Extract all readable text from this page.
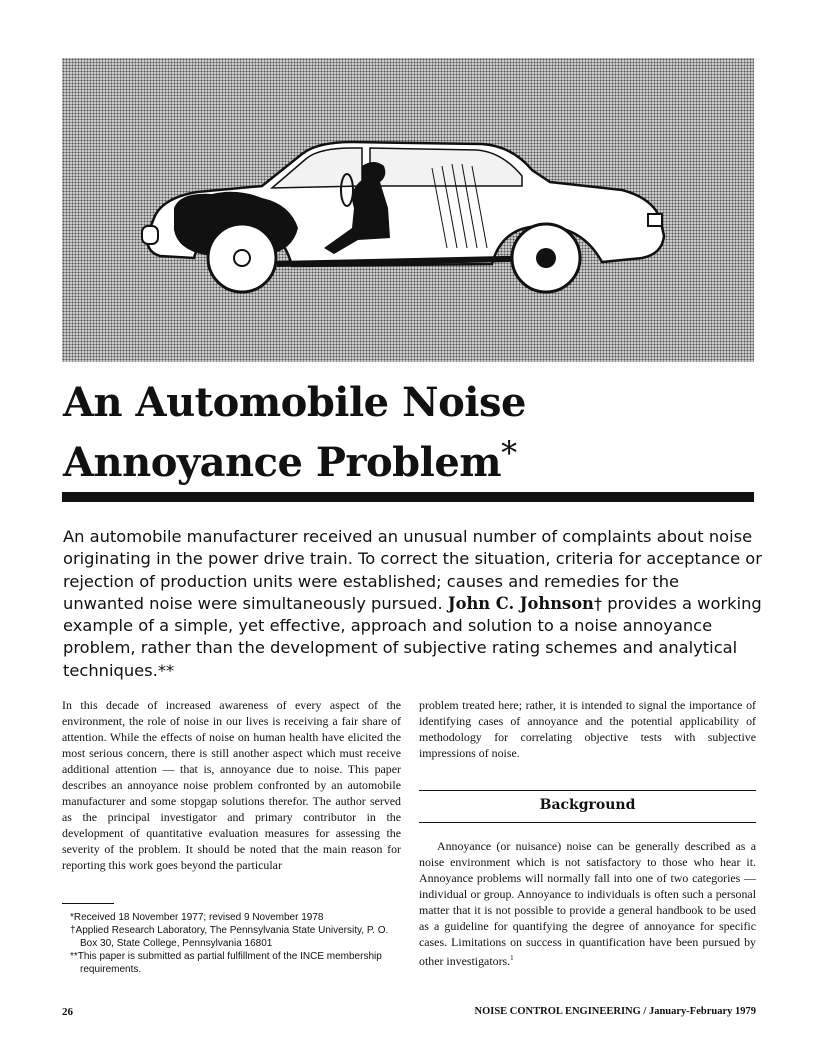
An Automobile Noise
Annoyance Problem*

An automobile manufacturer received an unusual number of complaints about noise originating in the power drive train. To correct the situation, criteria for acceptance or rejection of production units were established; causes and remedies for the unwanted noise were simultaneously pursued. John C. Johnson† provides a working example of a simple, yet effective, approach and solution to a noise annoyance problem, rather than the development of subjective rating schemes and analytical techniques.**

In this decade of increased awareness of every aspect of the environment, the role of noise in our lives is receiving a fair share of attention. While the effects of noise on human health have elicited the most serious concern, there is still another aspect which must receive additional attention — that is, annoyance due to noise. This paper describes an annoyance noise problem confronted by an automobile manufacturer and some stopgap solutions therefor. The author served as the principal investigator and primary contributor in the development of quantitative evaluation measures for assessing the severity of the problem. It should be noted that the main reason for reporting this work goes beyond the particular

problem treated here; rather, it is intended to signal the importance of identifying cases of annoyance and the potential applicability of methodology for correlating objective tests with subjective impressions of noise.

Background

Annoyance (or nuisance) noise can be generally described as a noise environment which is not satisfactory to those who hear it. Annoyance problems will normally fall into one of two categories — individual or group. Annoyance to individuals is often such a personal matter that it is not possible to provide a general handbook to be used as a guideline for quantifying the degree of annoyance for specific cases. Limitations on success in quantification have been pursued by other investigators.$^1$

*Received 18 November 1977; revised 9 November 1978
†Applied Research Laboratory, The Pennsylvania State University, P. O. Box 30, State College, Pennsylvania 16801
**This paper is submitted as partial fulfillment of the INCE membership requirements.
26	NOISE CONTROL ENGINEERING / January-February 1979
